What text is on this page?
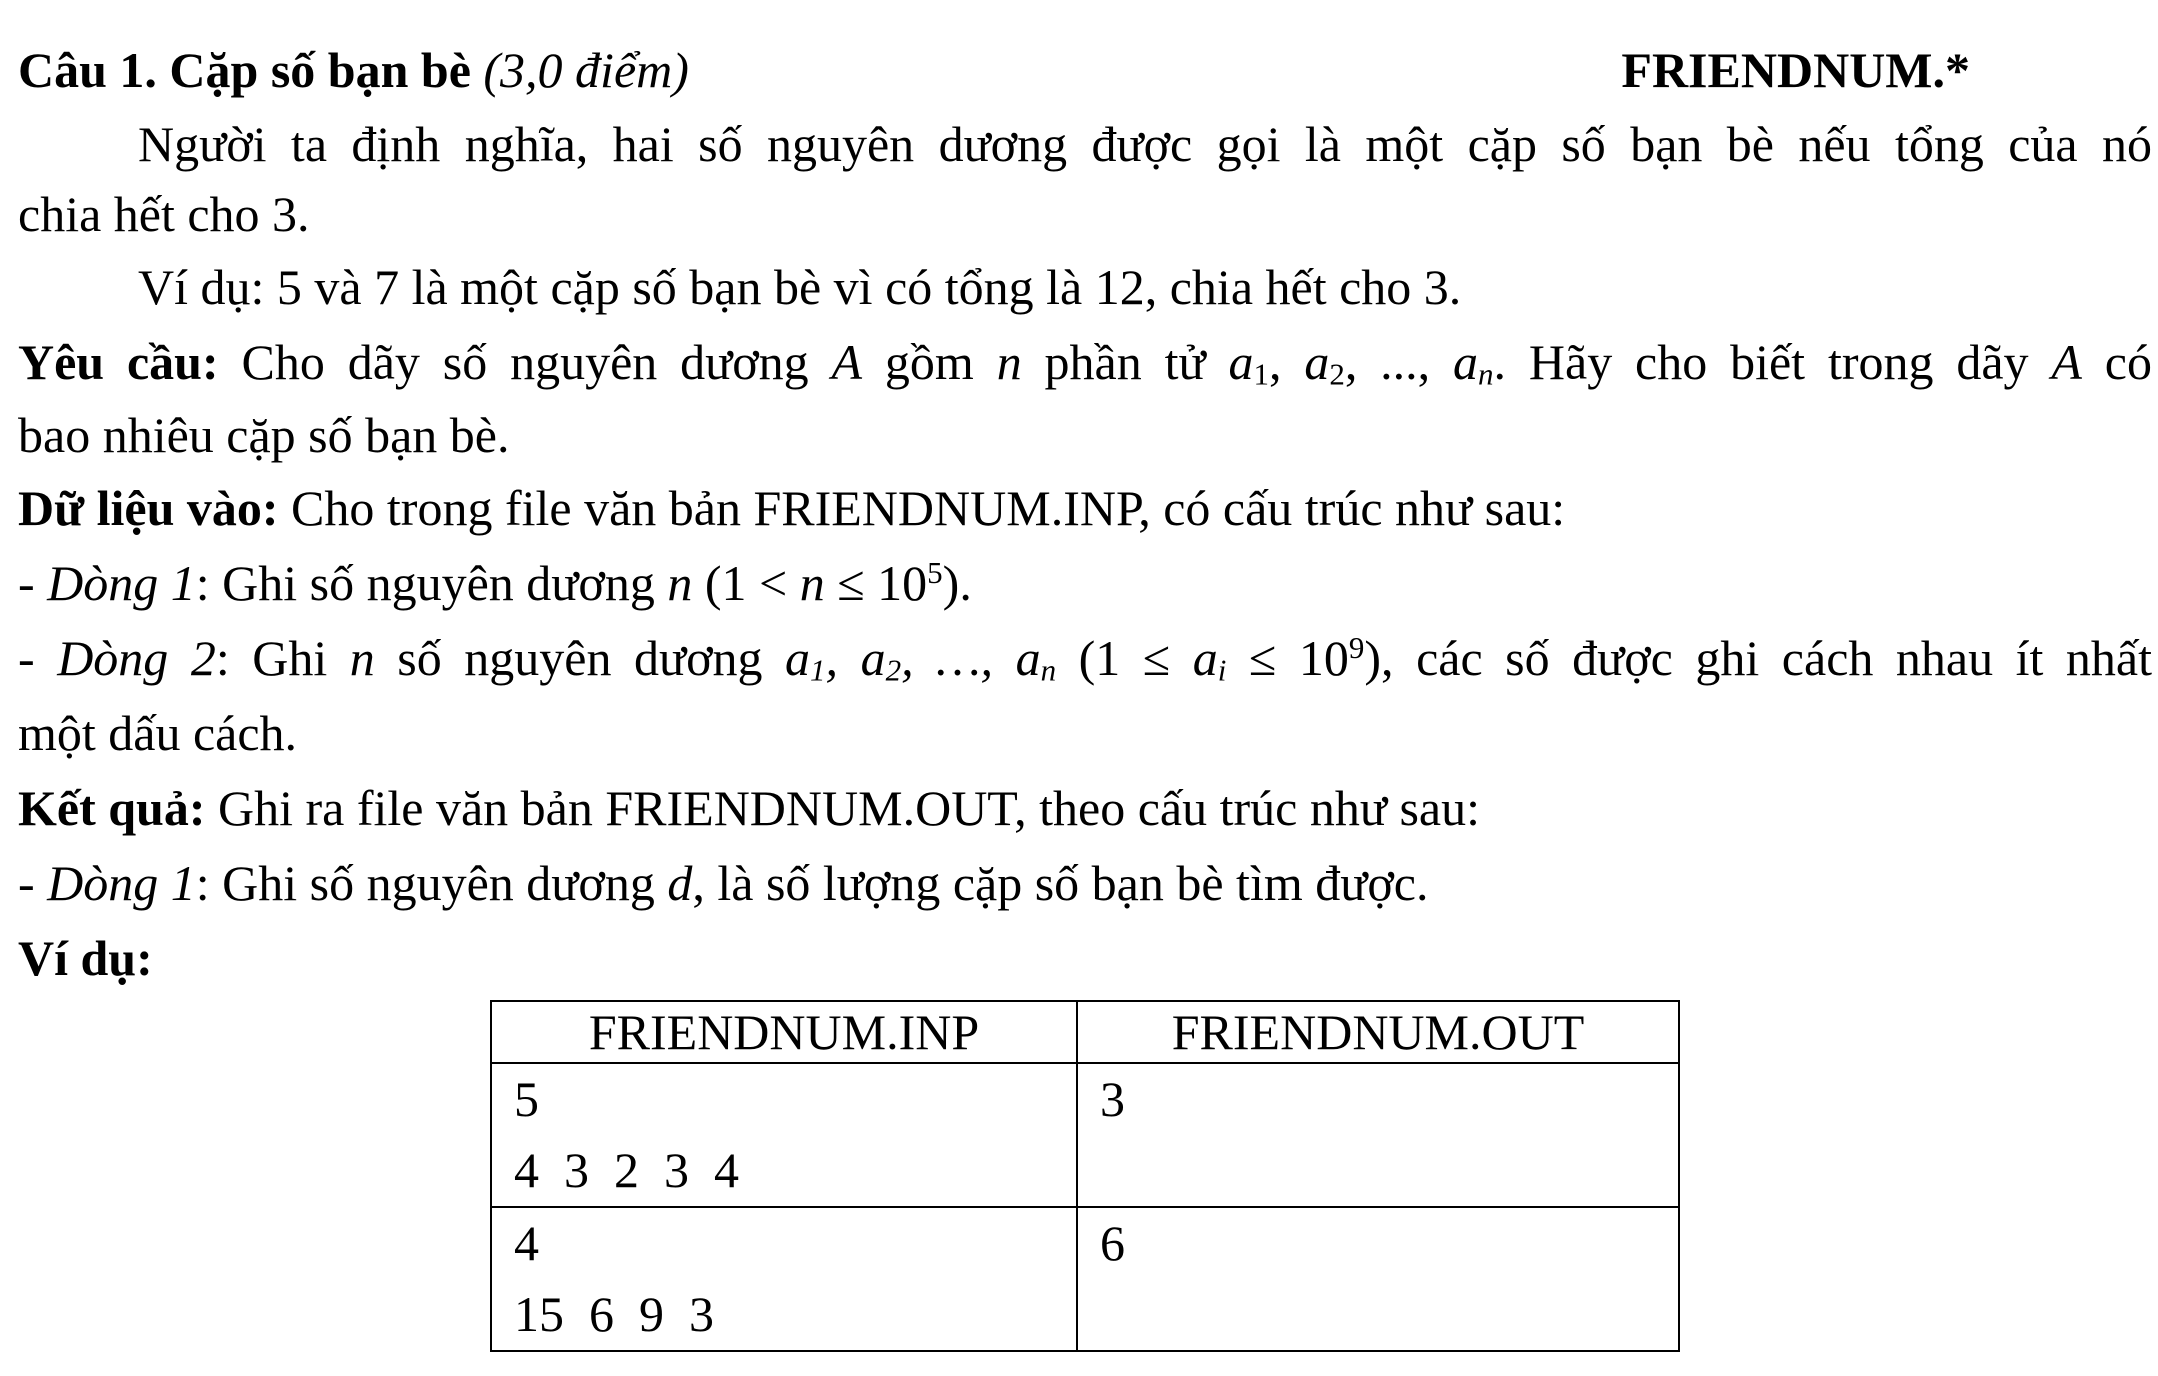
Câu 1. Cặp số bạn bè (3,0 điểm)	FRIENDNUM.*
Người ta định nghĩa, hai số nguyên dương được gọi là một cặp số bạn bè nếu tổng của nó
chia hết cho 3.
Ví dụ: 5 và 7 là một cặp số bạn bè vì có tổng là 12, chia hết cho 3.
Yêu cầu: Cho dãy số nguyên dương A gồm n phần tử $a_1$, $a_2$, ..., $a_n$. Hãy cho biết trong dãy A có
bao nhiêu cặp số bạn bè.
Dữ liệu vào: Cho trong file văn bản FRIENDNUM.INP, có cấu trúc như sau:
- Dòng 1: Ghi số nguyên dương n $(1 < n \le 10^5)$.
- Dòng 2: Ghi n số nguyên dương $a_1$, $a_2$, …, $a_n$ $(1 \le a_i \le 10^9)$, các số được ghi cách nhau ít nhất
một dấu cách.
Kết quả: Ghi ra file văn bản FRIENDNUM.OUT, theo cấu trúc như sau:
- Dòng 1: Ghi số nguyên dương d, là số lượng cặp số bạn bè tìm được.
Ví dụ:
FRIENDNUM.INP	FRIENDNUM.OUT

5
4  3  2  3  4	3

4
15  6  9  3	6
